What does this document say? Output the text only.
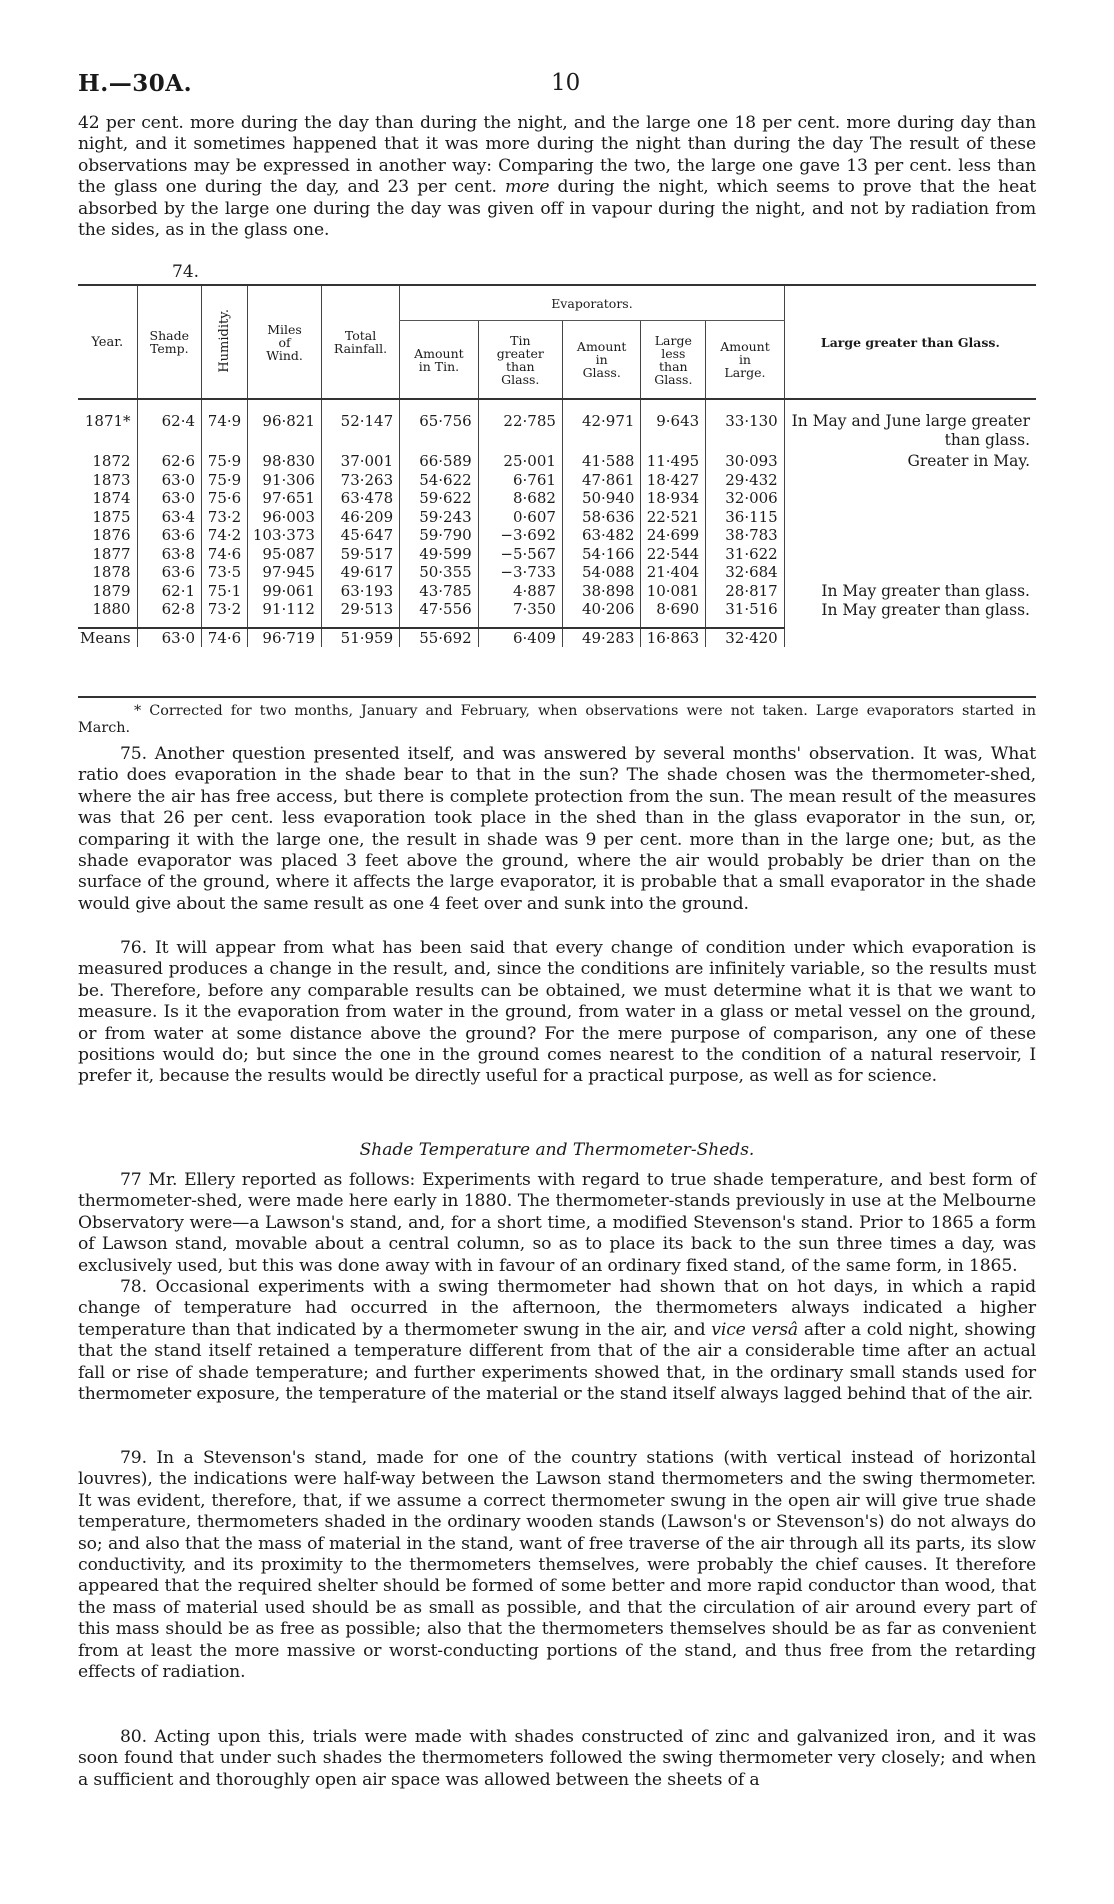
H.—30A.	10

42 per cent. more during the day than during the night, and the large one 18 per cent. more during day than night, and it sometimes happened that it was more during the night than during the day The result of these observations may be expressed in another way: Comparing the two, the large one gave 13 per cent. less than the glass one during the day, and 23 per cent. more during the night, which seems to prove that the heat absorbed by the large one during the day was given off in vapour during the night, and not by radiation from the sides, as in the glass one.

74.
Year.	Shade Temp.	Humidity.	Miles of Wind.	Total Rainfall.	Evaporators.					Large greater than Glass.
					Amount in Tin.	Tin greater than Glass.	Amount in Glass.	Large less than Glass.	Amount in Large.	
1871*	62·4	74·9	96·821	52·147	65·756	22·785	42·971	9·643	33·130	In May and June large greater
than glass.

1872	62·6	75·9	98·830	37·001	66·589	25·001	41·588	11·495	30·093	Greater in May.
1873	63·0	75·9	91·306	73·263	54·622	6·761	47·861	18·427	29·432	
1874	63·0	75·6	97·651	63·478	59·622	8·682	50·940	18·934	32·006	
1875	63·4	73·2	96·003	46·209	59·243	0·607	58·636	22·521	36·115	
1876	63·6	74·2	103·373	45·647	59·790	−3·692	63·482	24·699	38·783	
1877	63·8	74·6	95·087	59·517	49·599	−5·567	54·166	22·544	31·622	
1878	63·6	73·5	97·945	49·617	50·355	−3·733	54·088	21·404	32·684	
1879	62·1	75·1	99·061	63·193	43·785	4·887	38·898	10·081	28·817	In May greater than glass.
1880	62·8	73·2	91·112	29·513	47·556	7·350	40·206	8·690	31·516	In May greater than glass.
Means	63·0	74·6	96·719	51·959	55·692	6·409	49·283	16·863	32·420	
* Corrected for two months, January and February, when observations were not taken. Large evaporators started in March.

75. Another question presented itself, and was answered by several months' observation. It was, What ratio does evaporation in the shade bear to that in the sun? The shade chosen was the thermometer-shed, where the air has free access, but there is complete protection from the sun. The mean result of the measures was that 26 per cent. less evaporation took place in the shed than in the glass evaporator in the sun, or, comparing it with the large one, the result in shade was 9 per cent. more than in the large one; but, as the shade evaporator was placed 3 feet above the ground, where the air would probably be drier than on the surface of the ground, where it affects the large evaporator, it is probable that a small evaporator in the shade would give about the same result as one 4 feet over and sunk into the ground.

76. It will appear from what has been said that every change of condition under which evaporation is measured produces a change in the result, and, since the conditions are infinitely variable, so the results must be. Therefore, before any comparable results can be obtained, we must determine what it is that we want to measure. Is it the evaporation from water in the ground, from water in a glass or metal vessel on the ground, or from water at some distance above the ground? For the mere purpose of comparison, any one of these positions would do; but since the one in the ground comes nearest to the condition of a natural reservoir, I prefer it, because the results would be directly useful for a practical purpose, as well as for science.

Shade Temperature and Thermometer-Sheds.

77 Mr. Ellery reported as follows: Experiments with regard to true shade temperature, and best form of thermometer-shed, were made here early in 1880. The thermometer-stands previously in use at the Melbourne Observatory were—a Lawson's stand, and, for a short time, a modified Stevenson's stand. Prior to 1865 a form of Lawson stand, movable about a central column, so as to place its back to the sun three times a day, was exclusively used, but this was done away with in favour of an ordinary fixed stand, of the same form, in 1865.

78. Occasional experiments with a swing thermometer had shown that on hot days, in which a rapid change of temperature had occurred in the afternoon, the thermometers always indicated a higher temperature than that indicated by a thermometer swung in the air, and vice versâ after a cold night, showing that the stand itself retained a temperature different from that of the air a considerable time after an actual fall or rise of shade temperature; and further experiments showed that, in the ordinary small stands used for thermometer exposure, the temperature of the material or the stand itself always lagged behind that of the air.

79. In a Stevenson's stand, made for one of the country stations (with vertical instead of horizontal louvres), the indications were half-way between the Lawson stand thermometers and the swing thermometer. It was evident, therefore, that, if we assume a correct thermometer swung in the open air will give true shade temperature, thermometers shaded in the ordinary wooden stands (Lawson's or Stevenson's) do not always do so; and also that the mass of material in the stand, want of free traverse of the air through all its parts, its slow conductivity, and its proximity to the thermometers themselves, were probably the chief causes. It therefore appeared that the required shelter should be formed of some better and more rapid conductor than wood, that the mass of material used should be as small as possible, and that the circulation of air around every part of this mass should be as free as possible; also that the thermometers themselves should be as far as convenient from at least the more massive or worst-conducting portions of the stand, and thus free from the retarding effects of radiation.

80. Acting upon this, trials were made with shades constructed of zinc and galvanized iron, and it was soon found that under such shades the thermometers followed the swing thermometer very closely; and when a sufficient and thoroughly open air space was allowed between the sheets of a
